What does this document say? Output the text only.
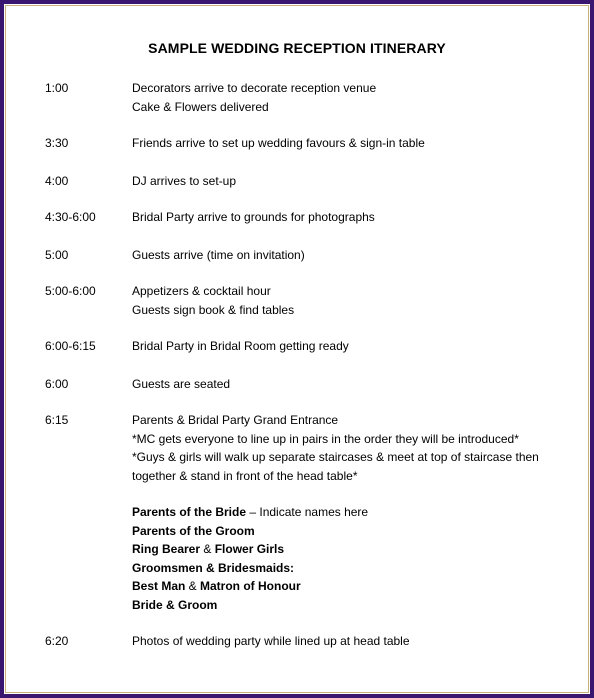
SAMPLE WEDDING RECEPTION ITINERARY
1:00	Decorators arrive to decorate reception venue
Cake & Flowers delivered
3:30	Friends arrive to set up wedding favours & sign-in table
4:00	DJ arrives to set-up
4:30-6:00	Bridal Party arrive to grounds for photographs
5:00	Guests arrive (time on invitation)
5:00-6:00	Appetizers & cocktail hour
Guests sign book & find tables
6:00-6:15	Bridal Party in Bridal Room getting ready
6:00	Guests are seated
6:15	Parents & Bridal Party Grand Entrance
*MC gets everyone to line up in pairs in the order they will be introduced*
*Guys & girls will walk up separate staircases & meet at top of staircase then
together & stand in front of the head table*
Parents of the Bride – Indicate names here
Parents of the Groom
Ring Bearer & Flower Girls
Groomsmen & Bridesmaids:
Best Man & Matron of Honour
Bride & Groom
6:20	Photos of wedding party while lined up at head table
